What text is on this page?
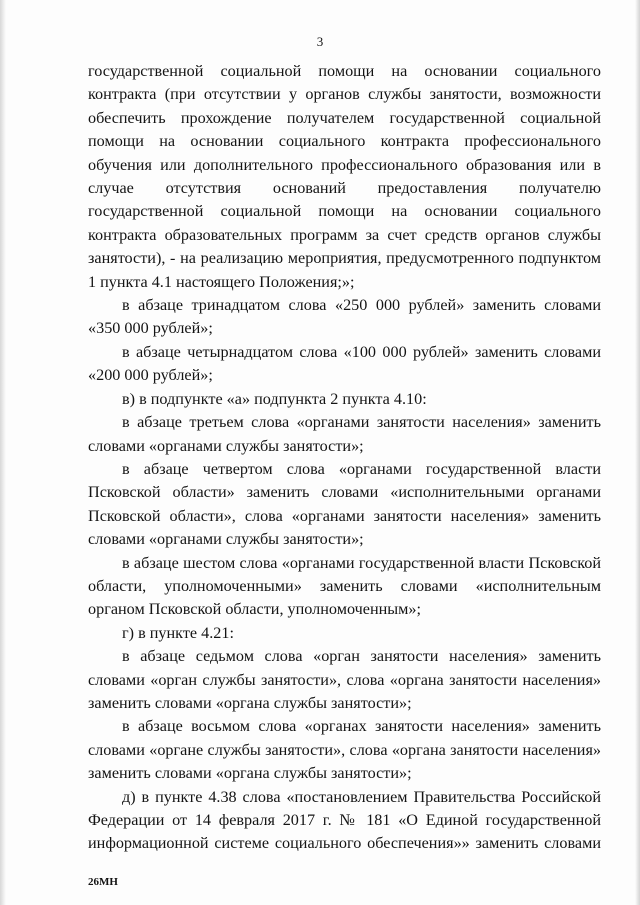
3

государственной социальной помощи на основании социального контракта (при отсутствии у органов службы занятости, возможности обеспечить прохождение получателем государственной социальной помощи на основании социального контракта профессионального обучения или дополнительного профессионального образования или в случае отсутствия оснований предоставления получателю государственной социальной помощи на основании социального контракта образовательных программ за счет средств органов службы занятости), - на реализацию мероприятия, предусмотренного подпунктом 1 пункта 4.1 настоящего Положения;»;

в абзаце тринадцатом слова «250 000 рублей» заменить словами «350 000 рублей»;

в абзаце четырнадцатом слова «100 000 рублей» заменить словами «200 000 рублей»;

в) в подпункте «а» подпункта 2 пункта 4.10:

в абзаце третьем слова «органами занятости населения» заменить словами «органами службы занятости»;

в абзаце четвертом слова «органами государственной власти Псковской области» заменить словами «исполнительными органами Псковской области», слова «органами занятости населения» заменить словами «органами службы занятости»;

в абзаце шестом слова «органами государственной власти Псковской области, уполномоченными» заменить словами «исполнительным органом Псковской области, уполномоченным»;

г) в пункте 4.21:

в абзаце седьмом слова «орган занятости населения» заменить словами «орган службы занятости», слова «органа занятости населения» заменить словами «органа службы занятости»;

в абзаце восьмом слова «органах занятости населения» заменить словами «органе службы занятости», слова «органа занятости населения» заменить словами «органа службы занятости»;

д) в пункте 4.38 слова «постановлением Правительства Российской Федерации от 14 февраля 2017 г. № 181 «О Единой государственной информационной системе социального обеспечения»» заменить словами

26МН
